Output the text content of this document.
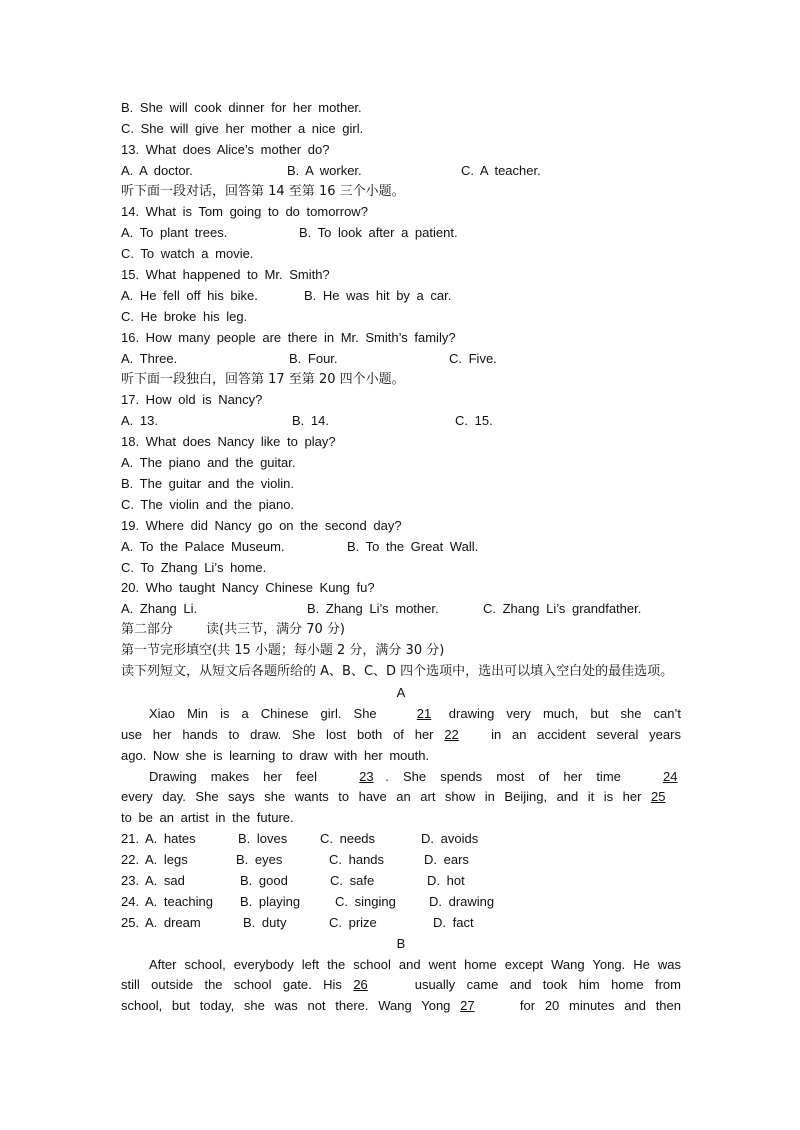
B. She will cook dinner for her mother.
C. She will give her mother a nice girl.
13. What does Alice’s mother do?
A. A doctor.	B. A worker.	C. A teacher.
听下面一段对话，回答第 14 至第 16 三个小题。
14. What is Tom going to do tomorrow?
A. To plant trees.	B. To look after a patient.
C. To watch a movie.
15. What happened to Mr. Smith?
A. He fell off his bike.	B. He was hit by a car.
C. He broke his leg.
16. How many people are there in Mr. Smith’s family?
A. Three.	B. Four.	C. Five.
听下面一段独白，回答第 17 至第 20 四个小题。
17. How old is Nancy?
A. 13.	B. 14.	C. 15.
18. What does Nancy like to play?
A. The piano and the guitar.
B. The guitar and the violin.
C. The violin and the piano.
19. Where did Nancy go on the second day?
A. To the Palace Museum.	B. To the Great Wall.
C. To Zhang Li’s home.
20. Who taught Nancy Chinese Kung fu?
A. Zhang Li.	B. Zhang Li’s mother.	C. Zhang Li’s grandfather.
第二部分        读(共三节，满分 70 分)
第一节完形填空(共 15 小题；每小题 2 分，满分 30 分)
读下列短文，从短文后各题所给的 A、B、C、D 四个选项中，选出可以填入空白处的最佳选项。
A
Xiao Min is a Chinese girl. She	21 drawing very much, but she can’t
use her hands to draw. She lost both of her 22 in an accident several years
ago. Now she is learning to draw with her mouth.
Drawing makes her feel	23 . She spends most of her time	24
every day. She says she wants to have an art show in Beijing, and it is her 25
to be an artist in the future.
21. A. hates	B. loves	C. needs	D. avoids
22. A. legs	B. eyes	C. hands	D. ears
23. A. sad	B. good	C. safe	D. hot
24. A. teaching B. playing	C. singing	D. drawing
25. A. dream	B. duty	C. prize	D. fact
B
After school, everybody left the school and went home except Wang Yong. He was
still outside the school gate. His 26	usually came and took him home from
school, but today, she was not there. Wang Yong 27	for 20 minutes and then
